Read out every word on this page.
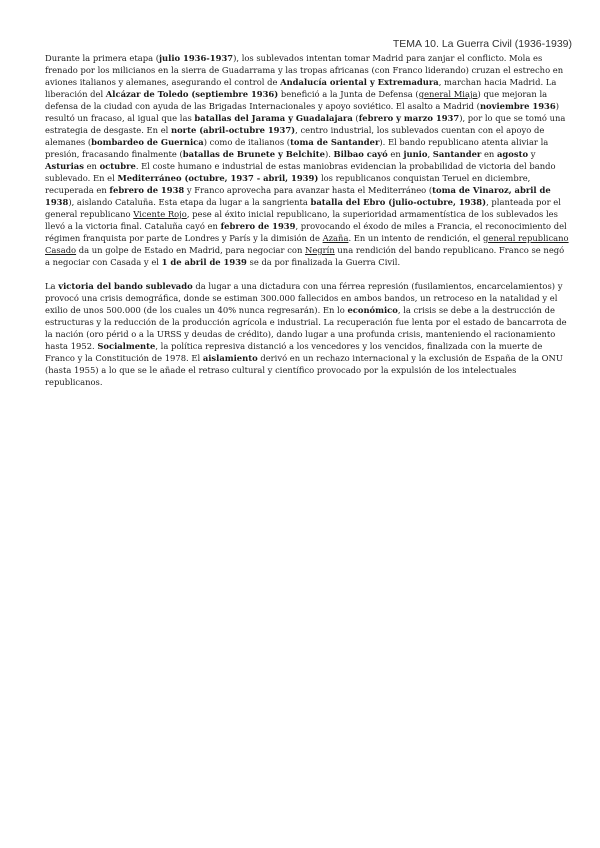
TEMA 10. La Guerra Civil (1936-1939)

Durante la primera etapa (julio 1936-1937), los sublevados intentan tomar Madrid para zanjar el conflicto. Mola es frenado por los milicianos en la sierra de Guadarrama y las tropas africanas (con Franco liderando) cruzan el estrecho en aviones italianos y alemanes, asegurando el control de Andalucía oriental y Extremadura, marchan hacia Madrid. La liberación del Alcázar de Toledo (septiembre 1936) benefició a la Junta de Defensa (general Miaja) que mejoran la defensa de la ciudad con ayuda de las Brigadas Internacionales y apoyo soviético. El asalto a Madrid (noviembre 1936) resultó un fracaso, al igual que las batallas del Jarama y Guadalajara (febrero y marzo 1937), por lo que se tomó una estrategia de desgaste. En el norte (abril-octubre 1937), centro industrial, los sublevados cuentan con el apoyo de alemanes (bombardeo de Guernica) como de italianos (toma de Santander). El bando republicano atenta aliviar la presión, fracasando finalmente (batallas de Brunete y Belchite). Bilbao cayó en junio, Santander en agosto y Asturias en octubre. El coste humano e industrial de estas maniobras evidencian la probabilidad de victoria del bando sublevado. En el Mediterráneo (octubre, 1937 - abril, 1939) los republicanos conquistan Teruel en diciembre, recuperada en febrero de 1938 y Franco aprovecha para avanzar hasta el Mediterráneo (toma de Vinaroz, abril de 1938), aislando Cataluña. Esta etapa da lugar a la sangrienta batalla del Ebro (julio-octubre, 1938), planteada por el general republicano Vicente Rojo, pese al éxito inicial republicano, la superioridad armamentística de los sublevados les llevó a la victoria final. Cataluña cayó en febrero de 1939, provocando el éxodo de miles a Francia, el reconocimiento del régimen franquista por parte de Londres y París y la dimisión de Azaña. En un intento de rendición, el general republicano Casado da un golpe de Estado en Madrid, para negociar con Negrín una rendición del bando republicano. Franco se negó a negociar con Casada y el 1 de abril de 1939 se da por finalizada la Guerra Civil.

La victoria del bando sublevado da lugar a una dictadura con una férrea represión (fusilamientos, encarcelamientos) y provocó una crisis demográfica, donde se estiman 300.000 fallecidos en ambos bandos, un retroceso en la natalidad y el exilio de unos 500.000 (de los cuales un 40% nunca regresarán). En lo económico, la crisis se debe a la destrucción de estructuras y la reducción de la producción agrícola e industrial. La recuperación fue lenta por el estado de bancarrota de la nación (oro périd o a la URSS y deudas de crédito), dando lugar a una profunda crisis, manteniendo el racionamiento hasta 1952. Socialmente, la política represiva distanció a los vencedores y los vencidos, finalizada con la muerte de Franco y la Constitución de 1978. El aislamiento derivó en un rechazo internacional y la exclusión de España de la ONU (hasta 1955) a lo que se le añade el retraso cultural y científico provocado por la expulsión de los intelectuales republicanos.
